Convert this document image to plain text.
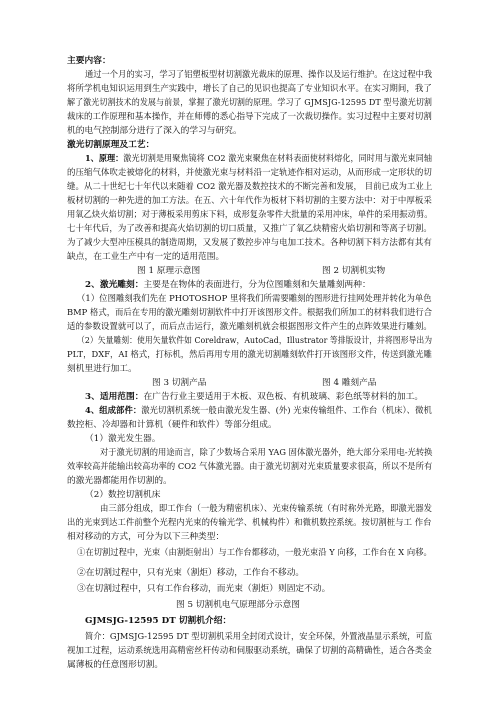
主要内容：
通过一个月的实习，学习了铝塑板型材切割激光裁床的原理、操作以及运行维护。在这过程中我
将所学机电知识运用到生产实践中，增长了自己的见识也提高了专业知识水平。在实习期间，我了
解了激光切割技术的发展与前景，掌握了激光切割的原理。学习了 GJMSJG-12595 DT 型号激光切割
裁床的工作原理和基本操作，并在师傅的悉心指导下完成了一次裁切操作。实习过程中主要对切割
机的电气控制部分进行了深入的学习与研究。
激光切割原理及工艺：
1、原理：激光切割是用聚焦镜将 CO2 激光束聚焦在材料表面使材料熔化，同时用与激光束同轴
的压缩气体吹走被熔化的材料，并使激光束与材料沿一定轨迹作相对运动，从而形成一定形状的切
缝。从二十世纪七十年代以来随着 CO2 激光器及数控技术的不断完善和发展， 目前已成为工业上
板材切割的一种先进的加工方法。在五、六十年代作为板材下料切割的主要方法中：对于中厚板采
用氧乙炔火焰切割；对于薄板采用剪床下料，成形复杂零件大批量的采用冲床，单件的采用振动剪。
七十年代后，为了改善和提高火焰切割的切口质量，又推广了氧乙炔精密火焰切割和等离子切割。
为了减少大型冲压模具的制造周期，又发展了数控步冲与电加工技术。各种切割下料方法都有其有
缺点，在工业生产中有一定的适用范围。
图 1 原理示意图	图 2 切割机实物
2、激光雕刻：主要是在物体的表面进行，分为位图雕刻和矢量雕刻两种：
（1）位图雕刻我们先在 PHOTOSHOP 里将我们所需要雕刻的图形进行挂网处理并转化为单色
BMP 格式，而后在专用的激光雕刻切割软件中打开该图形文件。根据我们所加工的材料我们进行合
适的参数设置就可以了，而后点击运行，激光雕刻机就会根据图形文件产生的点阵效果进行雕刻。
（2）矢量雕刻：使用矢量软件如 Coreldraw，AutoCad，Illustrator 等排版设计，并将图形导出为
PLT，DXF，AI 格式，打标机，然后再用专用的激光切割雕刻软件打开该图形文件，传送到激光雕
刻机里进行加工。
图 3 切割产品	图 4 雕刻产品
3、适用范围：在广告行业主要适用于木板、双色板、有机玻璃、彩色纸等材料的加工。
4、组成部件：激光切割机系统一般由激光发生器、(外) 光束传输组件、工作台（机床）、微机
数控柜、冷却器和计算机（硬件和软件）等部分组成。
（1）激光发生器。
对于激光切割的用途而言，除了少数场合采用 YAG 固体激光器外，绝大部分采用电-光转换
效率较高并能输出较高功率的 CO2 气体激光器。由于激光切割对光束质量要求很高，所以不是所有
的激光器都能用作切割的。
（2）数控切割机床
由三部分组成，即工作台（一般为精密机床）、光束传输系统（有时称外光路，即激光器发
出的光束到达工件前整个光程内光束的传输光学、机械构件）和微机数控系统。按切割桩与工 作台
相对移动的方式，可分为以下三种类型：
①在切割过程中，光束（由割炬射出）与工作台都移动，一般光束沿 Y 向移，工作台在 X 向移。
②在切割过程中，只有光束（割炬）移动，工作台不移动。
③在切割过程中，只有工作台移动，而光束（割炬）则固定不动。
图 5 切割机电气原理部分示意图
GJMSJG-12595 DT 切割机介绍：
简介：GJMSJG-12595 DT 型切割机采用全封闭式设计，安全环保，外置液晶显示系统，可监
视加工过程，运动系统选用高精密丝杆传动和伺服驱动系统，确保了切割的高精确性，适合各类金
属薄板的任意图形切割。
